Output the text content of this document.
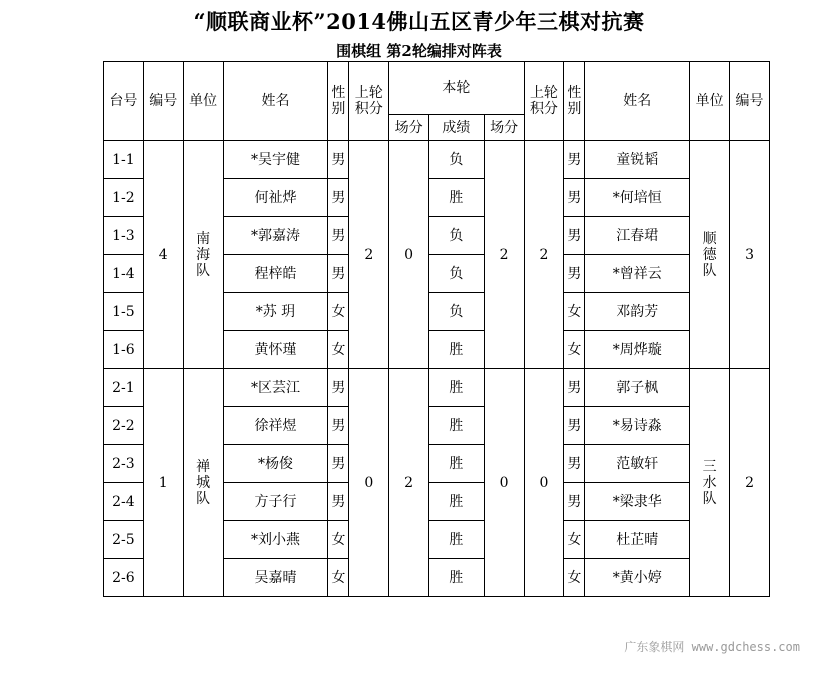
“顺联商业杯”2014佛山五区青少年三棋对抗赛
围棋组 第2轮编排对阵表
台号	编号	单位	姓名	性别	上轮积分	本轮			上轮积分	性别	姓名	单位	编号
						场分	成绩	场分					
1-1	4	南海队	*吴宇健	男	2	0	负	2	2	男	童锐韬	顺德队	3
1-2			何祉烨	男			胜			男	*何培恒		
1-3			*郭嘉涛	男			负			男	江春珺		
1-4			程梓皓	男			负			男	*曾祥云		
1-5			*苏 玥	女			负			女	邓韵芳		
1-6			黄怀瑾	女			胜			女	*周烨璇		
2-1	1	禅城队	*区芸江	男	0	2	胜	0	0	男	郭子枫	三水队	2
2-2			徐祥煜	男			胜			男	*易诗淼		
2-3			*杨俊	男			胜			男	范敏轩		
2-4			方子行	男			胜			男	*梁隶华		
2-5			*刘小燕	女			胜			女	杜芷晴		
2-6			吴嘉晴	女			胜			女	*黄小婷		
广东象棋网 www.gdchess.com
